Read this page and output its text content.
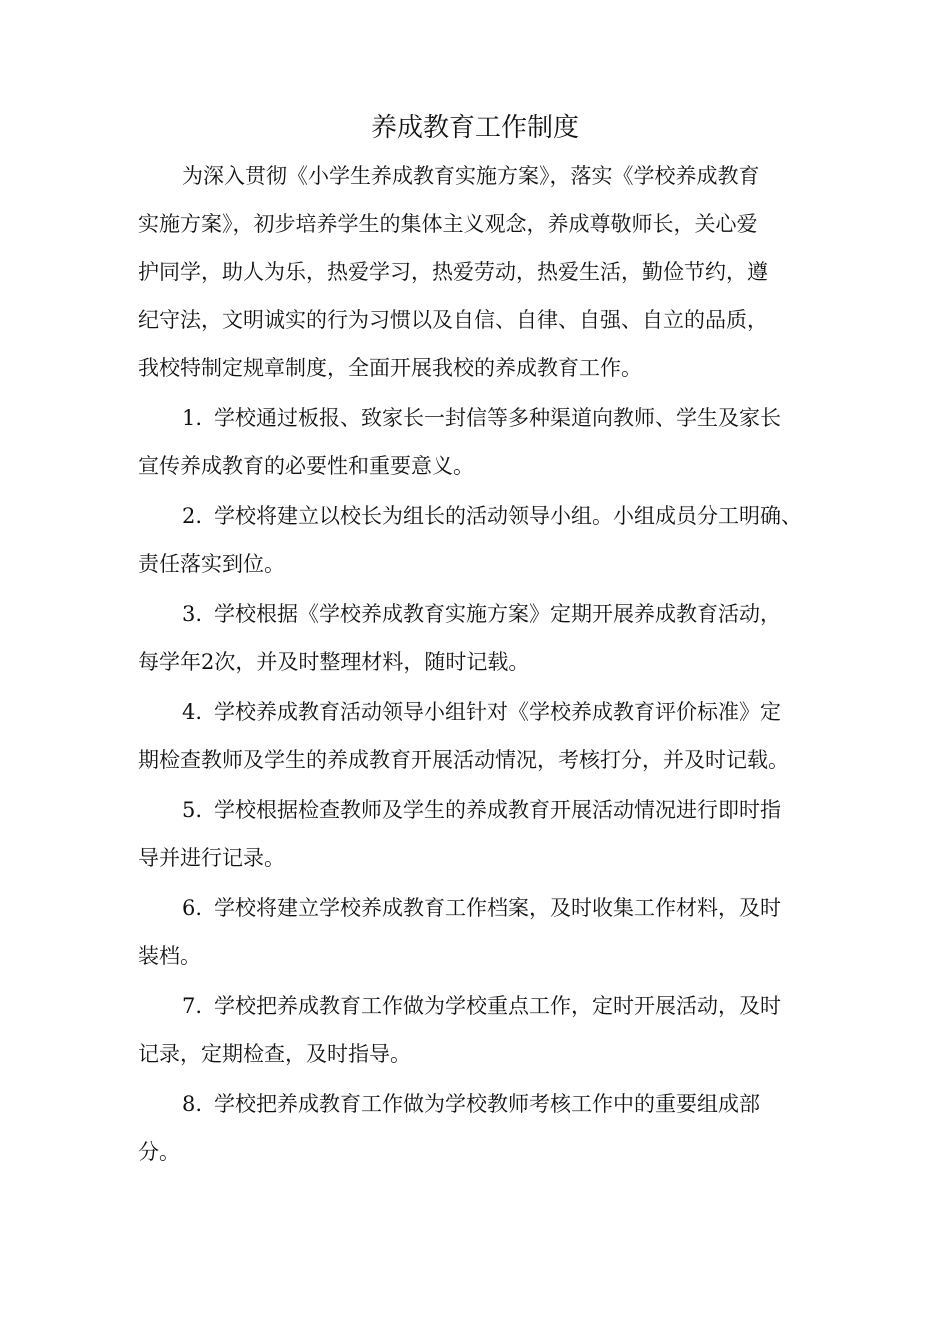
养成教育工作制度

为深入贯彻《小学生养成教育实施方案》，落实《学校养成教育
实施方案》，初步培养学生的集体主义观念，养成尊敬师长，关心爱
护同学，助人为乐，热爱学习，热爱劳动，热爱生活，勤俭节约，遵
纪守法，文明诚实的行为习惯以及自信、自律、自强、自立的品质，
我校特制定规章制度，全面开展我校的养成教育工作。

1. 学校通过板报、致家长一封信等多种渠道向教师、学生及家长
宣传养成教育的必要性和重要意义。

2. 学校将建立以校长为组长的活动领导小组。小组成员分工明确、
责任落实到位。

3. 学校根据《学校养成教育实施方案》定期开展养成教育活动，
每学年2次，并及时整理材料，随时记载。

4. 学校养成教育活动领导小组针对《学校养成教育评价标准》定
期检查教师及学生的养成教育开展活动情况，考核打分，并及时记载。

5. 学校根据检查教师及学生的养成教育开展活动情况进行即时指
导并进行记录。

6. 学校将建立学校养成教育工作档案，及时收集工作材料，及时
装档。

7. 学校把养成教育工作做为学校重点工作，定时开展活动，及时
记录，定期检查，及时指导。

8. 学校把养成教育工作做为学校教师考核工作中的重要组成部
分。
